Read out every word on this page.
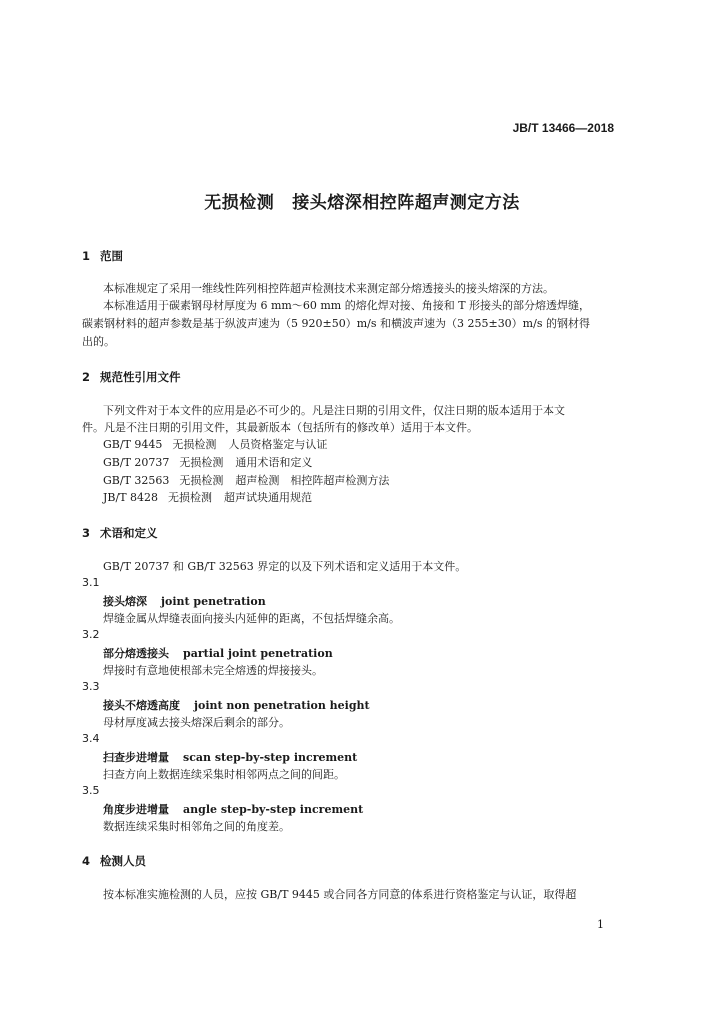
JB/T 13466—2018
无损检测 接头熔深相控阵超声测定方法
1 范围
本标准规定了采用一维线性阵列相控阵超声检测技术来测定部分熔透接头的接头熔深的方法。
本标准适用于碳素钢母材厚度为 6 mm～60 mm 的熔化焊对接、角接和 T 形接头的部分熔透焊缝，
碳素钢材料的超声参数是基于纵波声速为（5 920±50）m/s 和横波声速为（3 255±30）m/s 的钢材得
出的。
2 规范性引用文件
下列文件对于本文件的应用是必不可少的。凡是注日期的引用文件，仅注日期的版本适用于本文
件。凡是不注日期的引用文件，其最新版本（包括所有的修改单）适用于本文件。
GB/T 9445 无损检测 人员资格鉴定与认证
GB/T 20737 无损检测 通用术语和定义
GB/T 32563 无损检测 超声检测　相控阵超声检测方法
JB/T 8428 无损检测 超声试块通用规范
3 术语和定义
GB/T 20737 和 GB/T 32563 界定的以及下列术语和定义适用于本文件。
3.1
接头熔深 joint penetration
焊缝金属从焊缝表面向接头内延伸的距离，不包括焊缝余高。
3.2
部分熔透接头 partial joint penetration
焊接时有意地使根部未完全熔透的焊接接头。
3.3
接头不熔透高度 joint non penetration height
母材厚度减去接头熔深后剩余的部分。
3.4
扫查步进增量 scan step-by-step increment
扫查方向上数据连续采集时相邻两点之间的间距。
3.5
角度步进增量 angle step-by-step increment
数据连续采集时相邻角之间的角度差。
4 检测人员
按本标准实施检测的人员，应按 GB/T 9445 或合同各方同意的体系进行资格鉴定与认证，取得超
1
